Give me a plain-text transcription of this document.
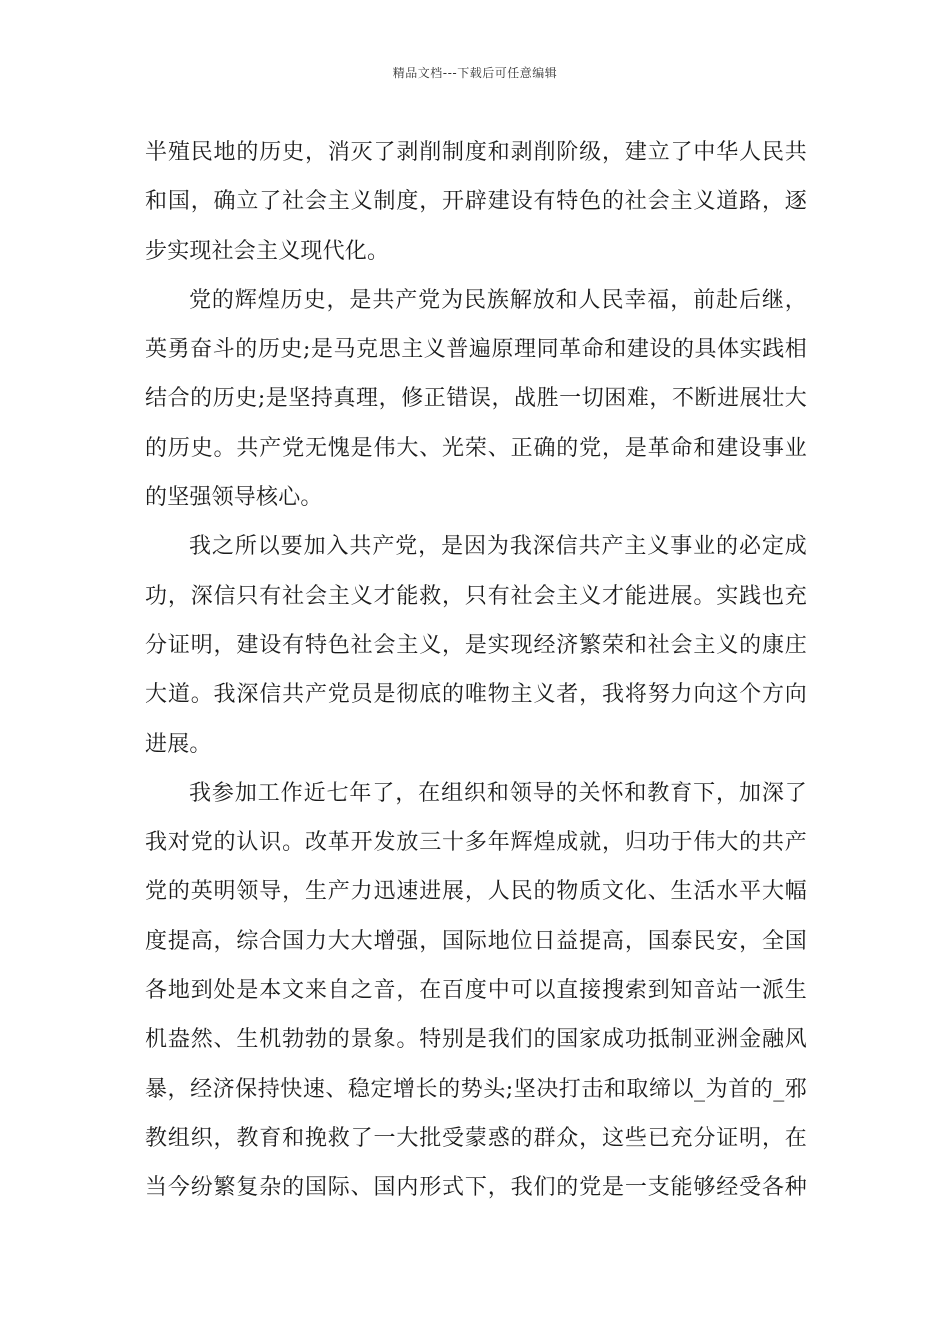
精品文档---下载后可任意编辑
半殖民地的历史，消灭了剥削制度和剥削阶级，建立了中华人民共
和国，确立了社会主义制度，开辟建设有特色的社会主义道路，逐
步实现社会主义现代化。
党的辉煌历史，是共产党为民族解放和人民幸福，前赴后继，
英勇奋斗的历史;是马克思主义普遍原理同革命和建设的具体实践相
结合的历史;是坚持真理，修正错误，战胜一切困难，不断进展壮大
的历史。共产党无愧是伟大、光荣、正确的党，是革命和建设事业
的坚强领导核心。
我之所以要加入共产党，是因为我深信共产主义事业的必定成
功，深信只有社会主义才能救，只有社会主义才能进展。实践也充
分证明，建设有特色社会主义，是实现经济繁荣和社会主义的康庄
大道。我深信共产党员是彻底的唯物主义者，我将努力向这个方向
进展。
我参加工作近七年了，在组织和领导的关怀和教育下，加深了
我对党的认识。改革开发放三十多年辉煌成就，归功于伟大的共产
党的英明领导，生产力迅速进展，人民的物质文化、生活水平大幅
度提高，综合国力大大增强，国际地位日益提高，国泰民安，全国
各地到处是本文来自之音，在百度中可以直接搜索到知音站一派生
机盎然、生机勃勃的景象。特别是我们的国家成功抵制亚洲金融风
暴，经济保持快速、稳定增长的势头;坚决打击和取缔以_为首的_邪
教组织，教育和挽救了一大批受蒙惑的群众，这些已充分证明，在
当今纷繁复杂的国际、国内形式下，我们的党是一支能够经受各种
